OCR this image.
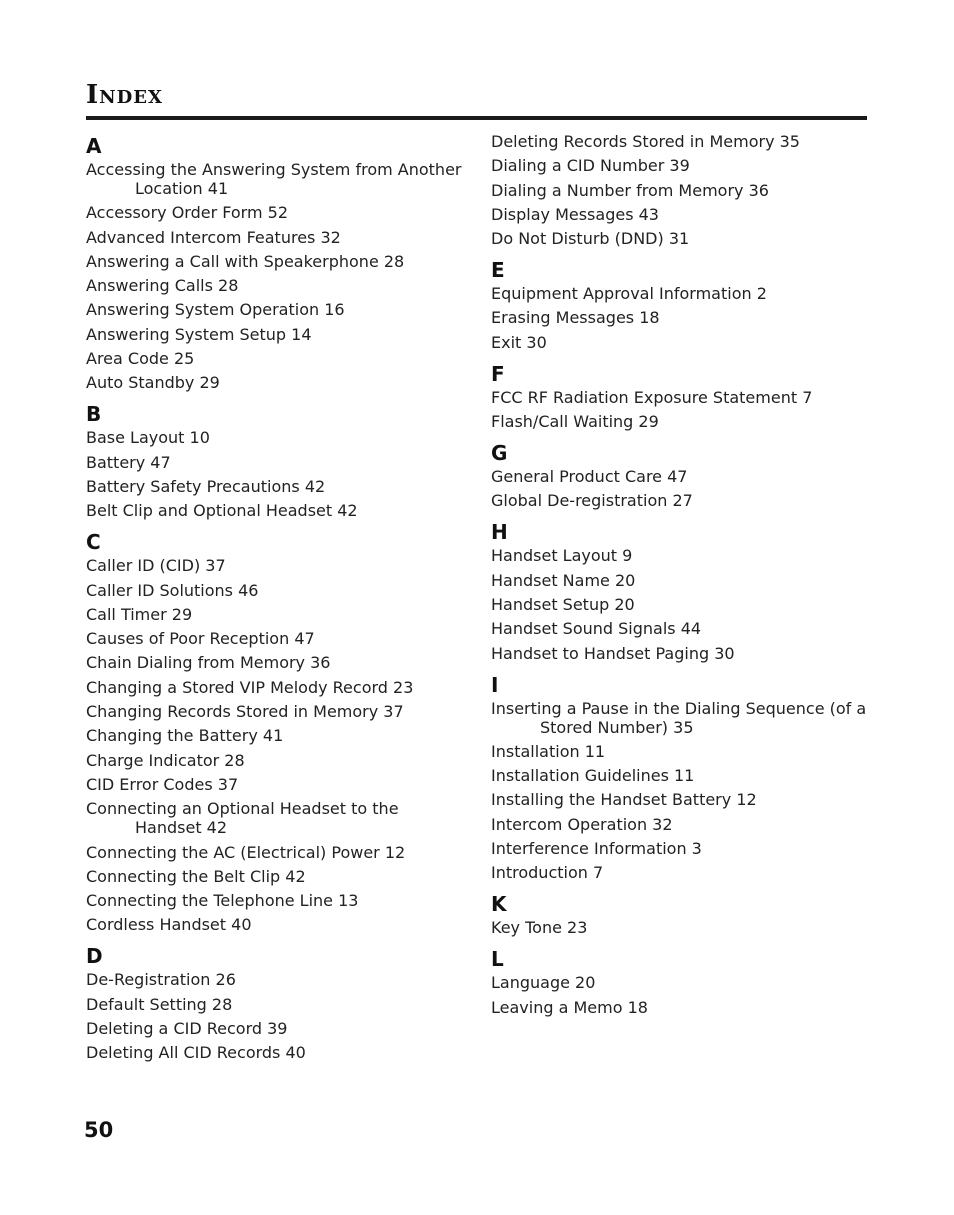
Index
A
Accessing the Answering System from Another Location 41
Accessory Order Form 52
Advanced Intercom Features 32
Answering a Call with Speakerphone 28
Answering Calls 28
Answering System Operation 16
Answering System Setup 14
Area Code 25
Auto Standby 29
B
Base Layout 10
Battery 47
Battery Safety Precautions 42
Belt Clip and Optional Headset 42
C
Caller ID (CID) 37
Caller ID Solutions 46
Call Timer 29
Causes of Poor Reception 47
Chain Dialing from Memory 36
Changing a Stored VIP Melody Record 23
Changing Records Stored in Memory 37
Changing the Battery 41
Charge Indicator 28
CID Error Codes 37
Connecting an Optional Headset to the Handset 42
Connecting the AC (Electrical) Power 12
Connecting the Belt Clip 42
Connecting the Telephone Line 13
Cordless Handset 40
D
De-Registration 26
Default Setting 28
Deleting a CID Record 39
Deleting All CID Records 40
Deleting Records Stored in Memory 35
Dialing a CID Number 39
Dialing a Number from Memory 36
Display Messages 43
Do Not Disturb (DND) 31
E
Equipment Approval Information 2
Erasing Messages 18
Exit 30
F
FCC RF Radiation Exposure Statement 7
Flash/Call Waiting 29
G
General Product Care 47
Global De-registration 27
H
Handset Layout 9
Handset Name 20
Handset Setup 20
Handset Sound Signals 44
Handset to Handset Paging 30
I
Inserting a Pause in the Dialing Sequence (of a Stored Number) 35
Installation 11
Installation Guidelines 11
Installing the Handset Battery 12
Intercom Operation 32
Interference Information 3
Introduction 7
K
Key Tone 23
L
Language 20
Leaving a Memo 18
50
